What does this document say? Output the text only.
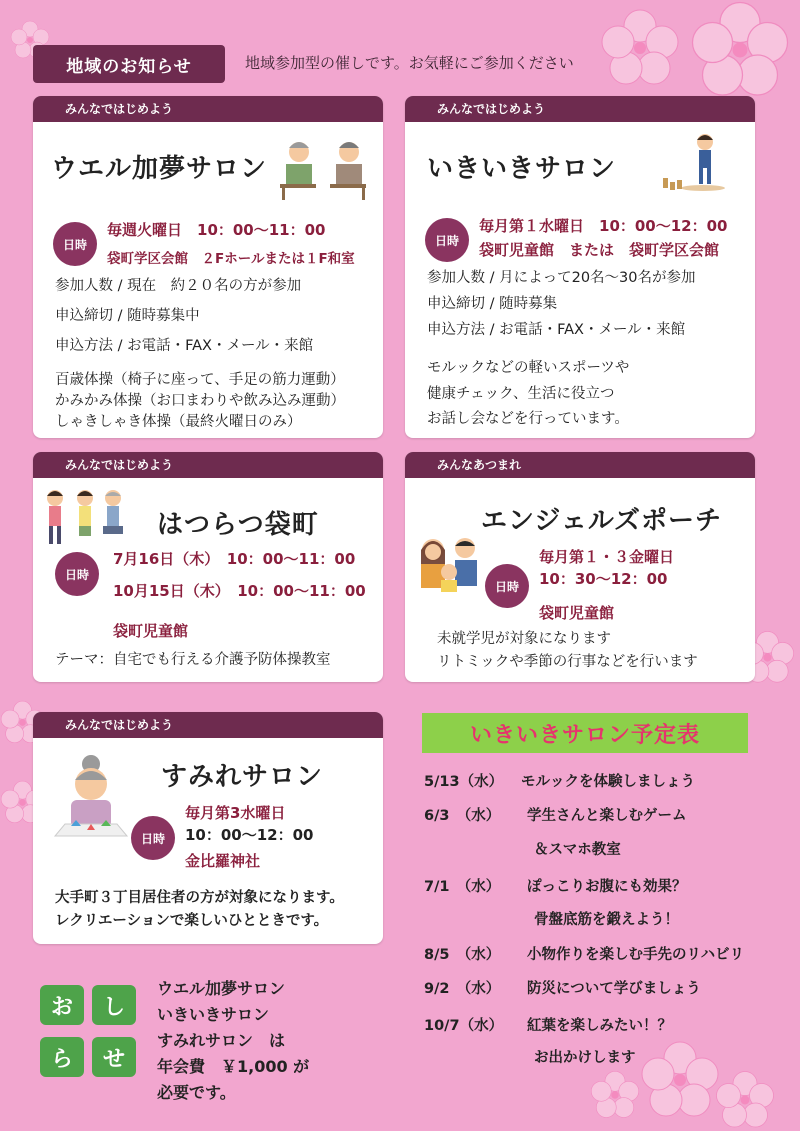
地域のお知らせ	地域参加型の催しです。お気軽にご参加ください
みんなではじめよう
ウエル加夢サロン
日時
毎週火曜日　10：00～11：00
袋町学区会館　２Fホールまたは１F和室
参加人数 / 現在　約２０名の方が参加
申込締切 / 随時募集中
申込方法 / お電話・FAX・メール・来館
百歳体操（椅子に座って、手足の筋力運動）
かみかみ体操（お口まわりや飲み込み運動）
しゃきしゃき体操（最終火曜日のみ）
みんなではじめよう
いきいきサロン
日時
毎月第１水曜日　10：00～12：00
袋町児童館　または　袋町学区会館
参加人数 / 月によって20名～30名が参加
申込締切 / 随時募集
申込方法 / お電話・FAX・メール・来館
モルックなどの軽いスポーツや
健康チェック、生活に役立つ
お話し会などを行っています。
みんなではじめよう
はつらつ袋町
日時
7月16日（木）　10：00～11：00
10月15日（木）　10：00～11：00
袋町児童館
テーマ：自宅でも行える介護予防体操教室
みんなあつまれ
エンジェルズポーチ
日時
毎月第１・３金曜日
10：30～12：00
袋町児童館
未就学児が対象になります
リトミックや季節の行事などを行います
みんなではじめよう
すみれサロン
日時
毎月第3水曜日
10：00～12：00
金比羅神社
大手町３丁目居住者の方が対象になります。
レクリエーションで楽しいひとときです。
いきいきサロン予定表
5/13（水） モルックを体験しましょう
6/3　（水） 学生さんと楽しむゲーム
＆スマホ教室
7/1　（水） ぽっこりお腹にも効果？
骨盤底筋を鍛えよう！
8/5　（水） 小物作りを楽しむ手先のリハビリ
9/2　（水） 防災について学びましょう
10/7（水） 紅葉を楽しみたい！？
お出かけします
お	し
ら	せ
ウエル加夢サロン
いきいきサロン
すみれサロン　は
年会費　￥1,000 が
必要です。
